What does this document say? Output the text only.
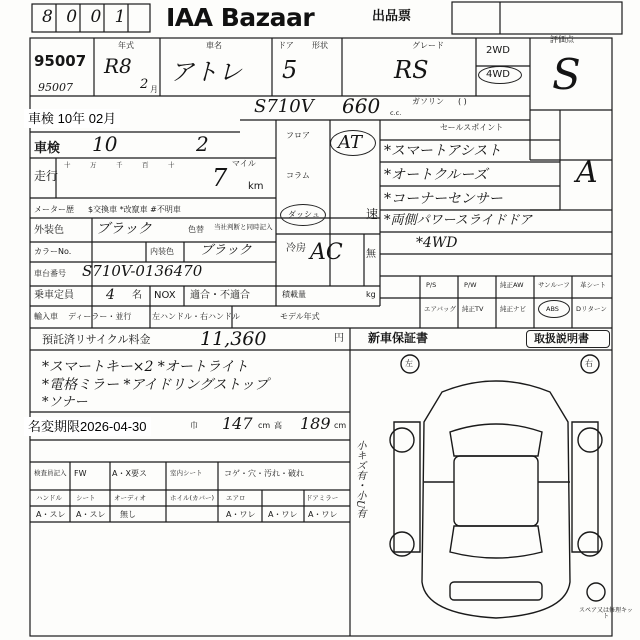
8 0 0 1 IAA Bazaar	出品票
95007
95007
年式
R8
2 月
車名
アトレ
ドア
5
形状	グレード
RS
2WD
4WD
評価点
S
A
S710V 660 c.c.
ガソリン ( )
車検 10年 02月
車検 10	2
走行
マイル
7 km
十	万	千	百	十
メーター歴 $交換車 *改竄車 #不明車
当社判断と同時記入
外装色 ブラック	色替
カラーNo.	内装色 ブラック
車台番号 S710V-0136470
乗車定員 4 名 NOX 適合・不適合	積載量	kg
輸入車 ディーラー・並行	左ハンドル・右ハンドル	モデル年式
預託済リサイクル料金	11,360	円 新車保証書	取扱説明書
フロア AT
コラム
ダッシュ	速
冷房 AC 無
セールスポイント
*スマートアシスト
*オートクルーズ
*コーナーセンサー
*両側パワースライドドア
*4WD
P/S	P/W	純正AW サンルーフ 革シート
エアバッグ 純正TV	純正ナビ	ABS	Dリターン
*スマートキー×2 *オートライト
*電格ミラー *アイドリングストップ
*ソナー
名変期限2026-04-30	巾 147 cm 高 189 cm
検査員記入 FW	A・X要ス	室内シート	コゲ・穴・汚れ・破れ
ハンドル シート	オーディオ	ホイル(カバー) エアロ	ドアミラー
A・スレ A・スレ 無し	A・ワレ A・ワレ A・ワレ 小キズ有・小U有
左	右
スペア又は修理キット
